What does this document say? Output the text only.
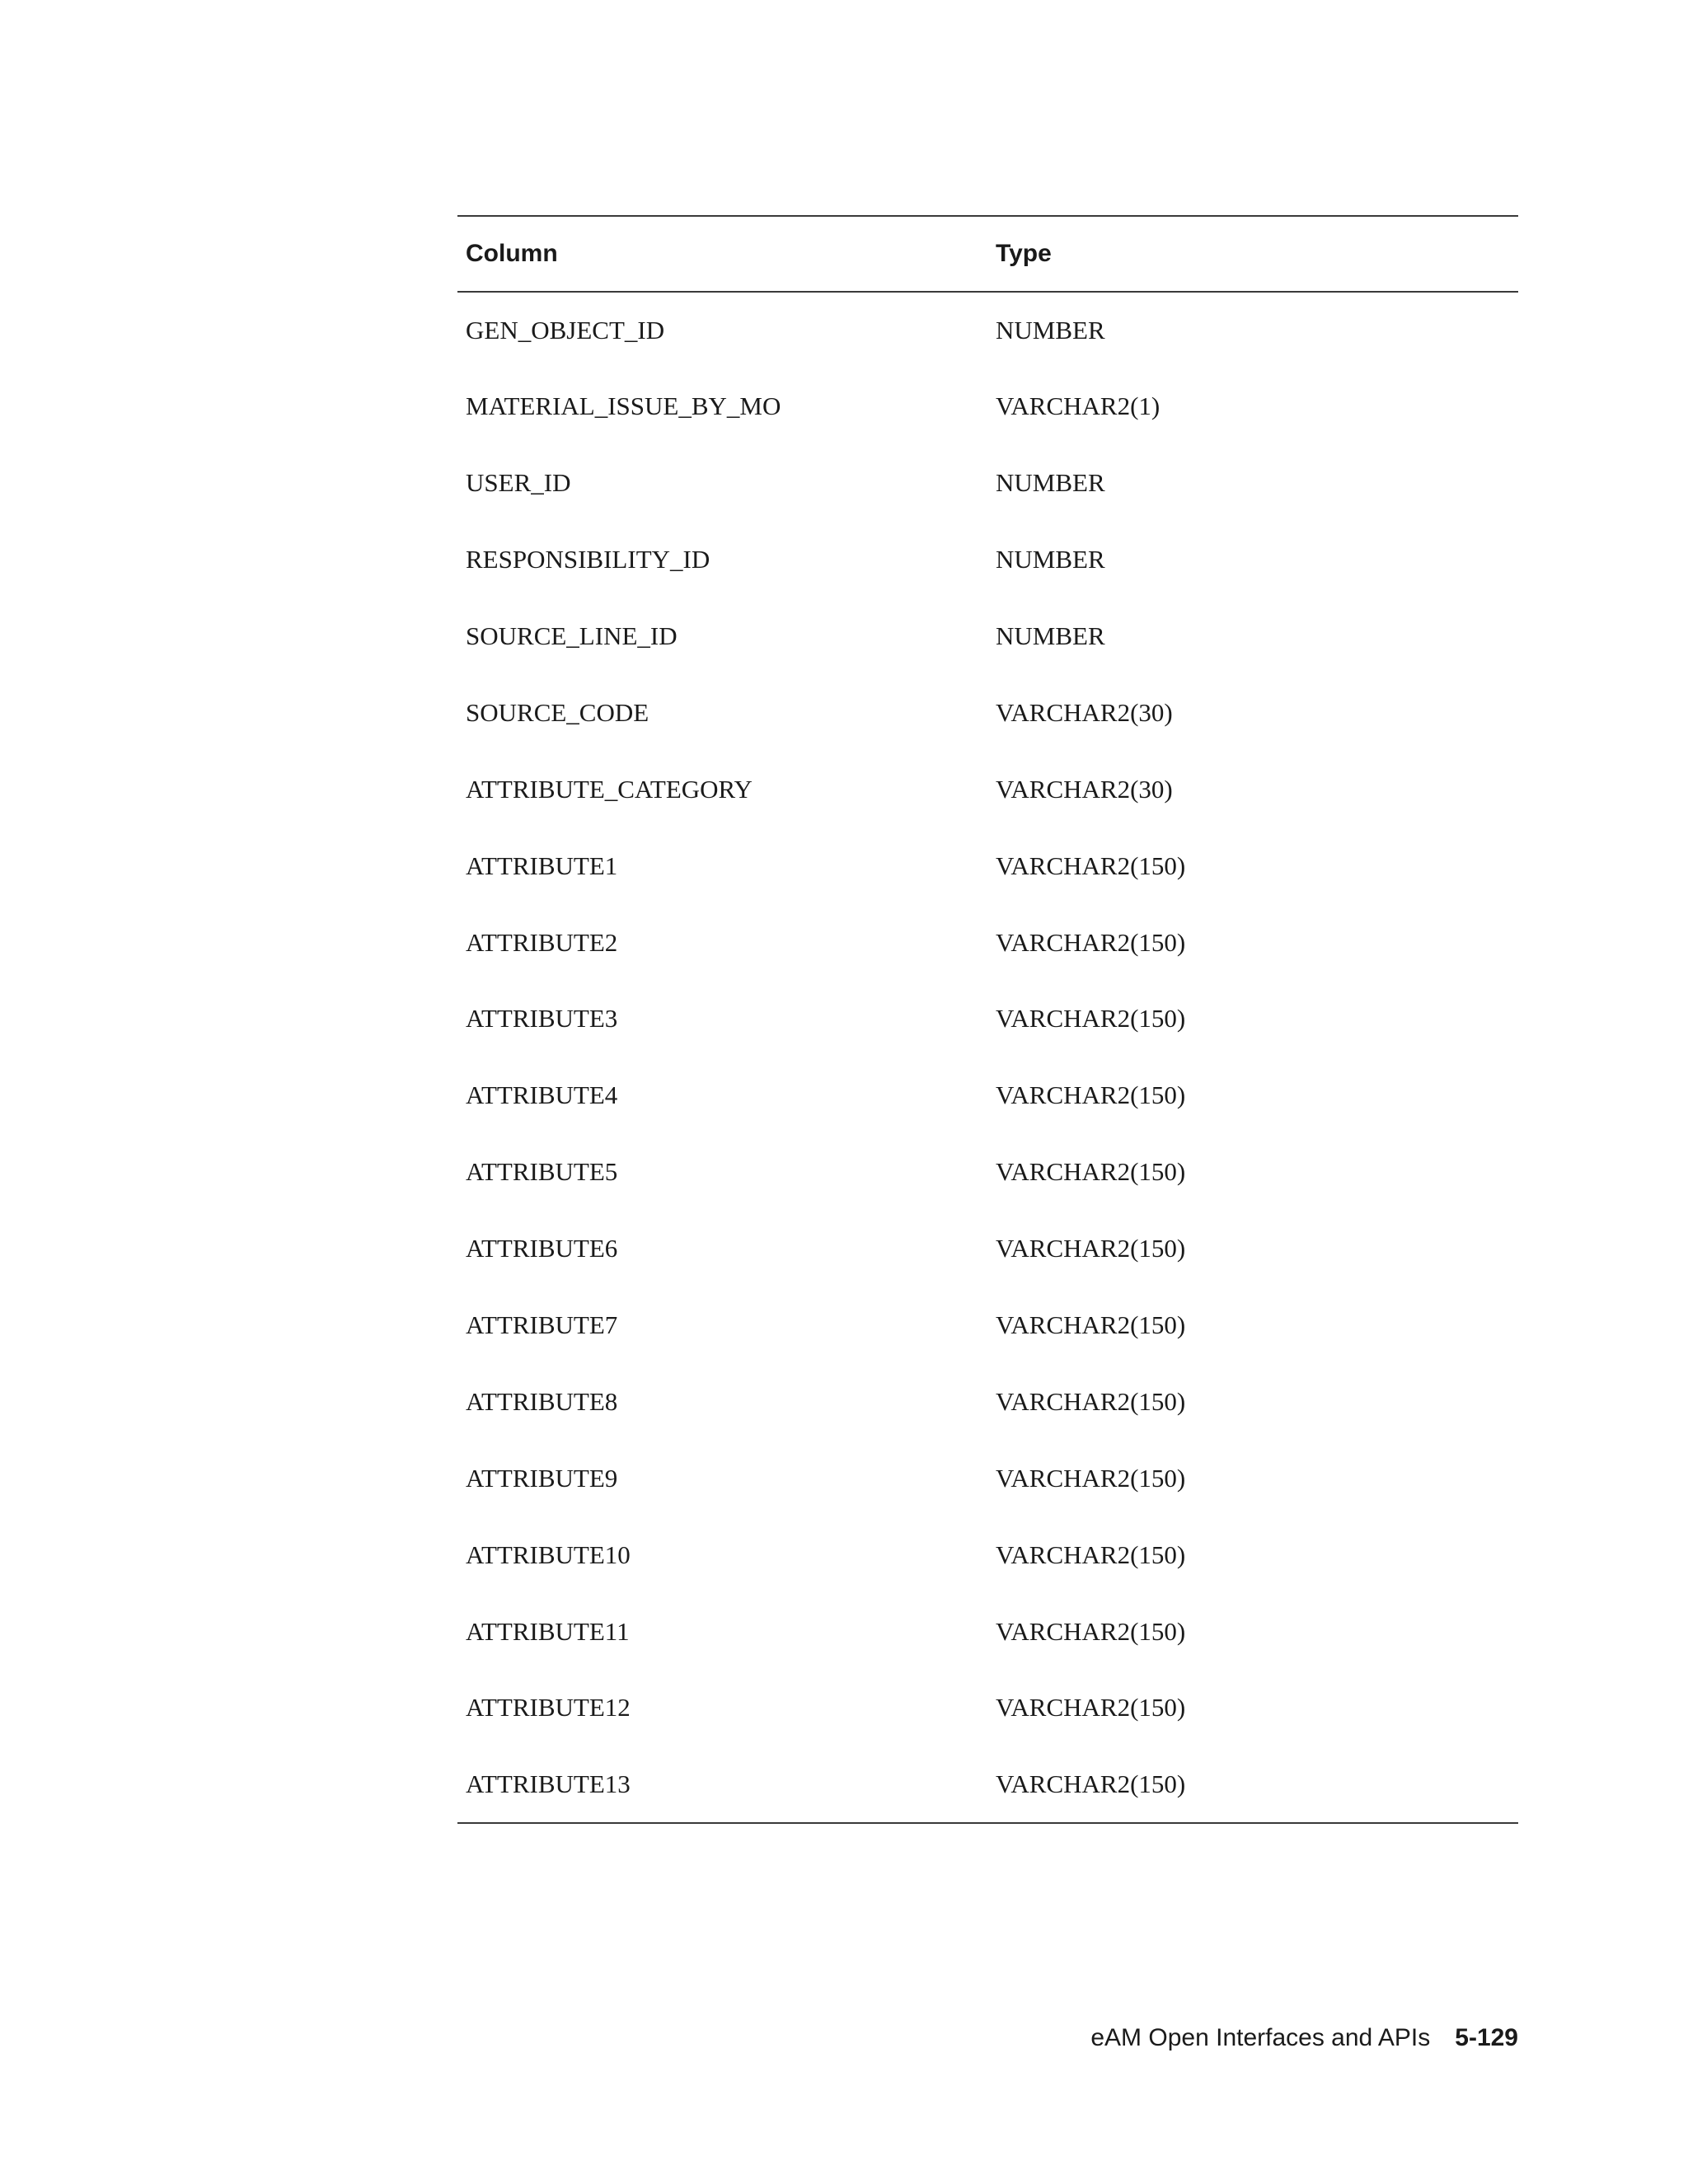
Column	Type
GEN_OBJECT_ID	NUMBER
MATERIAL_ISSUE_BY_MO	VARCHAR2(1)
USER_ID	NUMBER
RESPONSIBILITY_ID	NUMBER
SOURCE_LINE_ID	NUMBER
SOURCE_CODE	VARCHAR2(30)
ATTRIBUTE_CATEGORY	VARCHAR2(30)
ATTRIBUTE1	VARCHAR2(150)
ATTRIBUTE2	VARCHAR2(150)
ATTRIBUTE3	VARCHAR2(150)
ATTRIBUTE4	VARCHAR2(150)
ATTRIBUTE5	VARCHAR2(150)
ATTRIBUTE6	VARCHAR2(150)
ATTRIBUTE7	VARCHAR2(150)
ATTRIBUTE8	VARCHAR2(150)
ATTRIBUTE9	VARCHAR2(150)
ATTRIBUTE10	VARCHAR2(150)
ATTRIBUTE11	VARCHAR2(150)
ATTRIBUTE12	VARCHAR2(150)
ATTRIBUTE13	VARCHAR2(150)
eAM Open Interfaces and APIs 5-129
